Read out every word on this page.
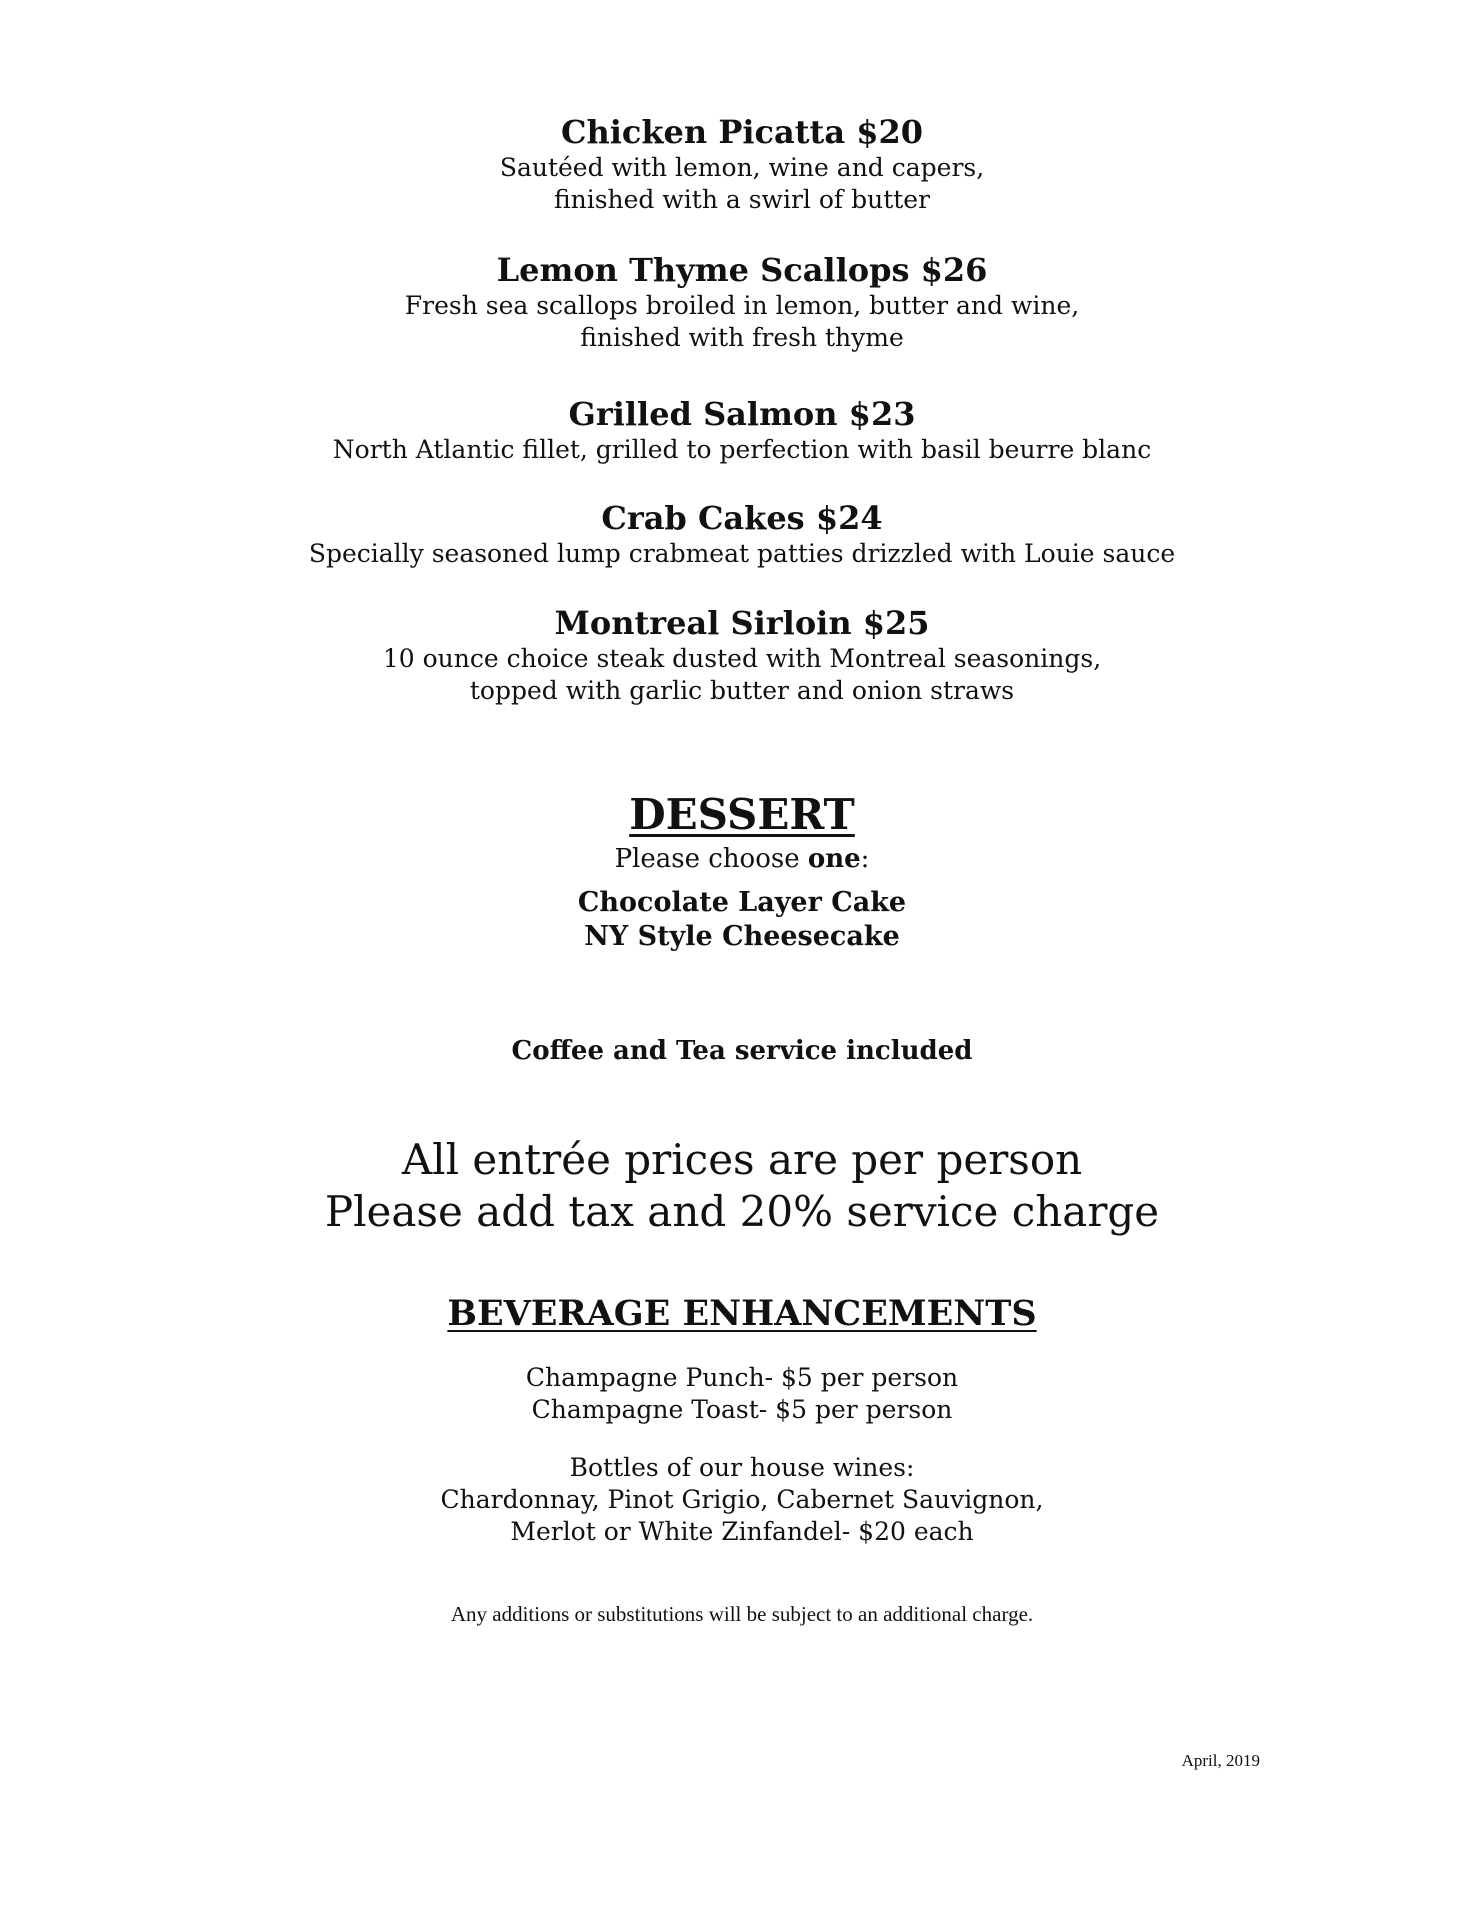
Chicken Picatta $20
Sautéed with lemon, wine and capers,
finished with a swirl of butter
Lemon Thyme Scallops $26
Fresh sea scallops broiled in lemon, butter and wine,
finished with fresh thyme
Grilled Salmon $23
North Atlantic fillet, grilled to perfection with basil beurre blanc
Crab Cakes $24
Specially seasoned lump crabmeat patties drizzled with Louie sauce
Montreal Sirloin $25
10 ounce choice steak dusted with Montreal seasonings,
topped with garlic butter and onion straws
DESSERT
Please choose one:
Chocolate Layer Cake
NY Style Cheesecake
Coffee and Tea service included
All entrée prices are per person
Please add tax and 20% service charge
BEVERAGE ENHANCEMENTS
Champagne Punch- $5 per person
Champagne Toast- $5 per person
Bottles of our house wines:
Chardonnay, Pinot Grigio, Cabernet Sauvignon,
Merlot or White Zinfandel- $20 each
Any additions or substitutions will be subject to an additional charge.
April, 2019
